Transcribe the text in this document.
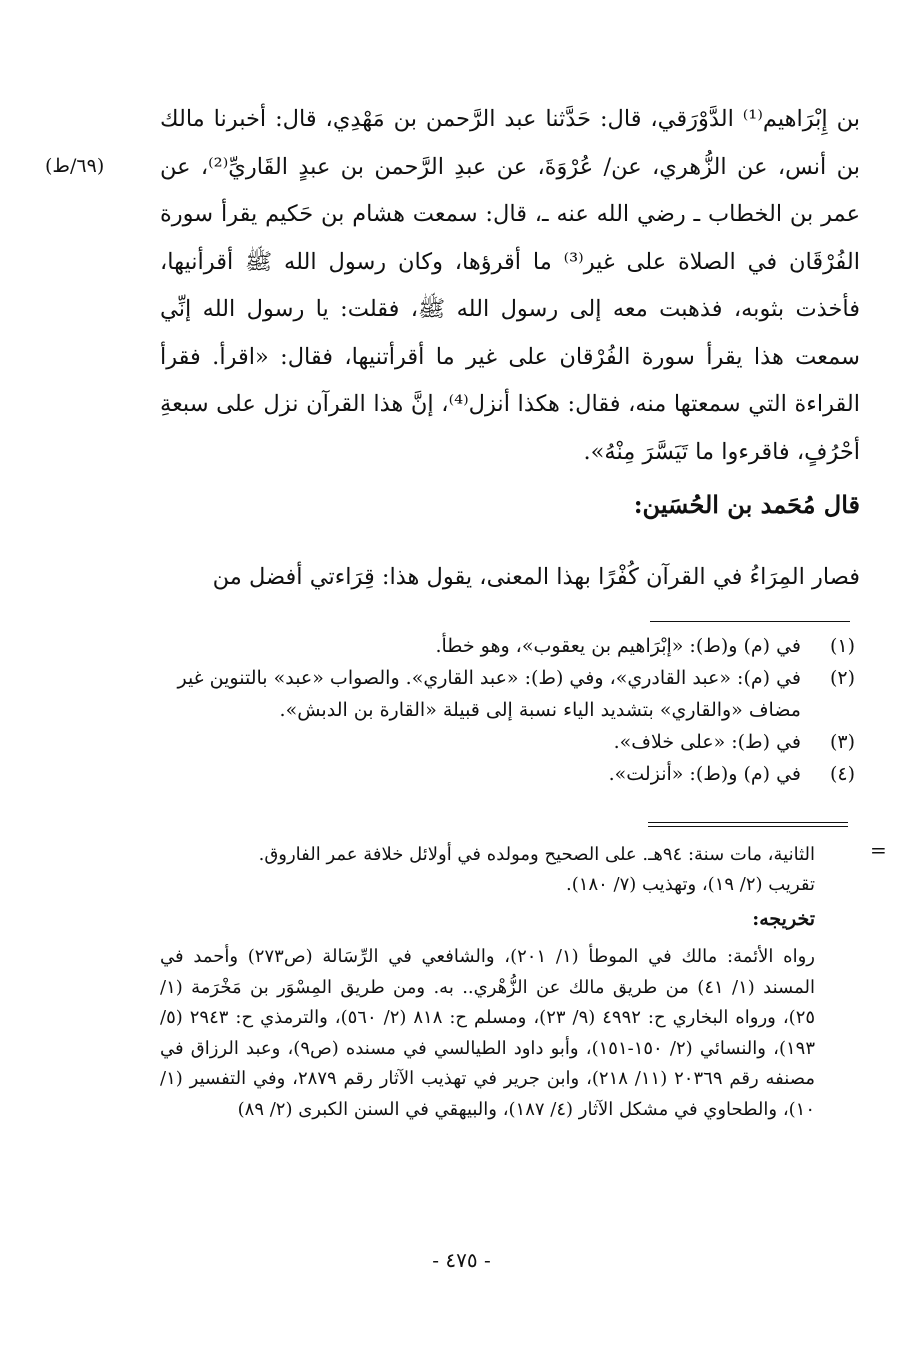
بن إِبْرَاهيم⁽¹⁾ الدَّوْرَقي، قال: حَدَّثنا عبد الرَّحمن بن مَهْدِي، قال: أخبرنا مالك بن أنس، عن الزُّهري، عن/ عُرْوَةَ، عن عبدِ الرَّحمن بن عبدٍ القَاريِّ⁽²⁾، عن عمر بن الخطاب ـ رضي الله عنه ـ، قال: سمعت هشام بن حَكيم يقرأ سورة الفُرْقَان في الصلاة على غير⁽³⁾ ما أقرؤها، وكان رسول الله ﷺ أقرأنيها، فأخذت بثوبه، فذهبت معه إلى رسول الله ﷺ، فقلت: يا رسول الله إنِّي سمعت هذا يقرأ سورة الفُرْقان على غير ما أقرأتنيها، فقال: «اقرأ. فقرأ القراءة التي سمعتها منه، فقال: هكذا أنزل⁽⁴⁾، إنَّ هذا القرآن نزل على سبعةِ أحْرُفٍ، فاقرءوا ما تَيَسَّرَ مِنْهُ».

(٦٩/ط)
قال مُحَمد بن الحُسَين:

فصار المِرَاءُ في القرآن كُفْرًا بهذا المعنى، يقول هذا: قِرَاءتي أفضل من

(١)
في (م) و(ط): «إبْرَاهيم بن يعقوب»، وهو خطأ.
(٢)
في (م): «عبد القادري»، وفي (ط): «عبد القاري». والصواب «عبد» بالتنوين غير مضاف «والقاري» بتشديد الياء نسبة إلى قبيلة «القارة بن الدبش».
(٣)
في (ط): «على خلاف».
(٤)
في (م) و(ط): «أنزلت».
=

الثانية، مات سنة: ٩٤هـ. على الصحيح ومولده في أولائل خلافة عمر الفاروق.

تقريب (٢/ ١٩)، وتهذيب (٧/ ١٨٠).

تخريجه:

رواه الأئمة: مالك في الموطأ (١/ ٢٠١)، والشافعي في الرِّسَالة (ص٢٧٣) وأحمد في المسند (١/ ٤١) من طريق مالك عن الزُّهْري.. به. ومن طريق المِسْوَر بن مَخْرَمة (١/ ٢٥)، ورواه البخاري ح: ٤٩٩٢ (٩/ ٢٣)، ومسلم ح: ٨١٨ (٢/ ٥٦٠)، والترمذي ح: ٢٩٤٣ (٥/ ١٩٣)، والنسائي (٢/ ١٥٠-١٥١)، وأبو داود الطيالسي في مسنده (ص٩)، وعبد الرزاق في مصنفه رقم ٢٠٣٦٩ (١١/ ٢١٨)، وابن جرير في تهذيب الآثار رقم ٢٨٧٩، وفي التفسير (١/ ١٠)، والطحاوي في مشكل الآثار (٤/ ١٨٧)، والبيهقي في السنن الكبرى (٢/ ٨٩)

- ٤٧٥ -
